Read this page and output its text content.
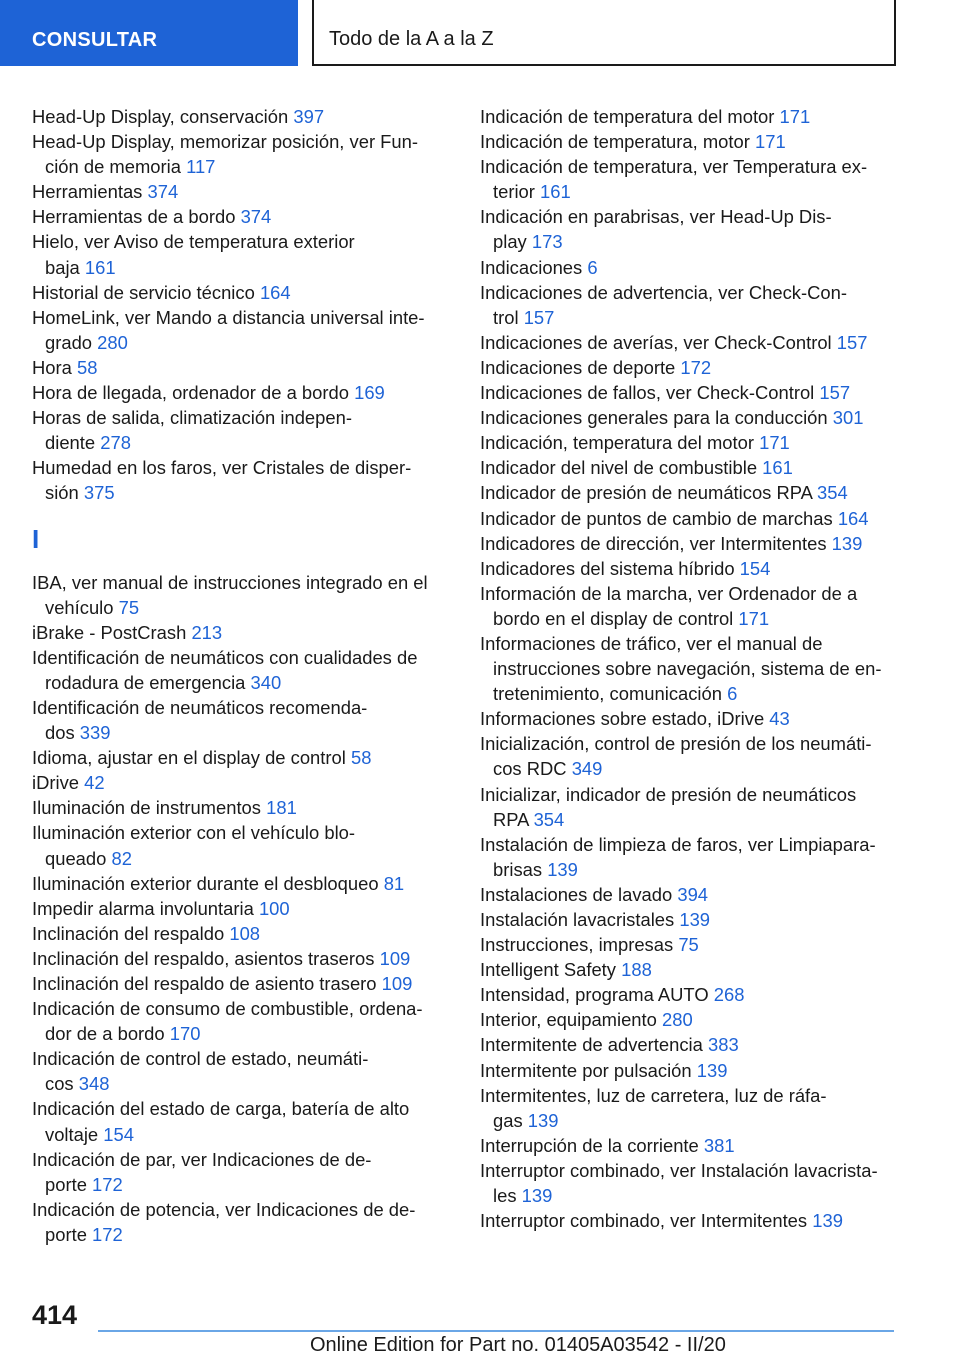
CONSULTAR	Todo de la A a la Z
Head-Up Display, conservación 397
Head-Up Display, memorizar posición, ver Fun-
ción de memoria 117
Herramientas 374
Herramientas de a bordo 374
Hielo, ver Aviso de temperatura exterior
baja 161
Historial de servicio técnico 164
HomeLink, ver Mando a distancia universal inte-
grado 280
Hora 58
Hora de llegada, ordenador de a bordo 169
Horas de salida, climatización indepen-
diente 278
Humedad en los faros, ver Cristales de disper-
sión 375
I
IBA, ver manual de instrucciones integrado en el
vehículo 75
iBrake - PostCrash 213
Identificación de neumáticos con cualidades de
rodadura de emergencia 340
Identificación de neumáticos recomenda-
dos 339
Idioma, ajustar en el display de control 58
iDrive 42
Iluminación de instrumentos 181
Iluminación exterior con el vehículo blo-
queado 82
Iluminación exterior durante el desbloqueo 81
Impedir alarma involuntaria 100
Inclinación del respaldo 108
Inclinación del respaldo, asientos traseros 109
Inclinación del respaldo de asiento trasero 109
Indicación de consumo de combustible, ordena-
dor de a bordo 170
Indicación de control de estado, neumáti-
cos 348
Indicación del estado de carga, batería de alto
voltaje 154
Indicación de par, ver Indicaciones de de-
porte 172
Indicación de potencia, ver Indicaciones de de-
porte 172
Indicación de temperatura del motor 171
Indicación de temperatura, motor 171
Indicación de temperatura, ver Temperatura ex-
terior 161
Indicación en parabrisas, ver Head-Up Dis-
play 173
Indicaciones 6
Indicaciones de advertencia, ver Check-Con-
trol 157
Indicaciones de averías, ver Check-Control 157
Indicaciones de deporte 172
Indicaciones de fallos, ver Check-Control 157
Indicaciones generales para la conducción 301
Indicación, temperatura del motor 171
Indicador del nivel de combustible 161
Indicador de presión de neumáticos RPA 354
Indicador de puntos de cambio de marchas 164
Indicadores de dirección, ver Intermitentes 139
Indicadores del sistema híbrido 154
Información de la marcha, ver Ordenador de a
bordo en el display de control 171
Informaciones de tráfico, ver el manual de
instrucciones sobre navegación, sistema de en-
tretenimiento, comunicación 6
Informaciones sobre estado, iDrive 43
Inicialización, control de presión de los neumáti-
cos RDC 349
Inicializar, indicador de presión de neumáticos
RPA 354
Instalación de limpieza de faros, ver Limpiapara-
brisas 139
Instalaciones de lavado 394
Instalación lavacristales 139
Instrucciones, impresas 75
Intelligent Safety 188
Intensidad, programa AUTO 268
Interior, equipamiento 280
Intermitente de advertencia 383
Intermitente por pulsación 139
Intermitentes, luz de carretera, luz de ráfa-
gas 139
Interrupción de la corriente 381
Interruptor combinado, ver Instalación lavacrista-
les 139
Interruptor combinado, ver Intermitentes 139
414
Online Edition for Part no. 01405A03542 - II/20
